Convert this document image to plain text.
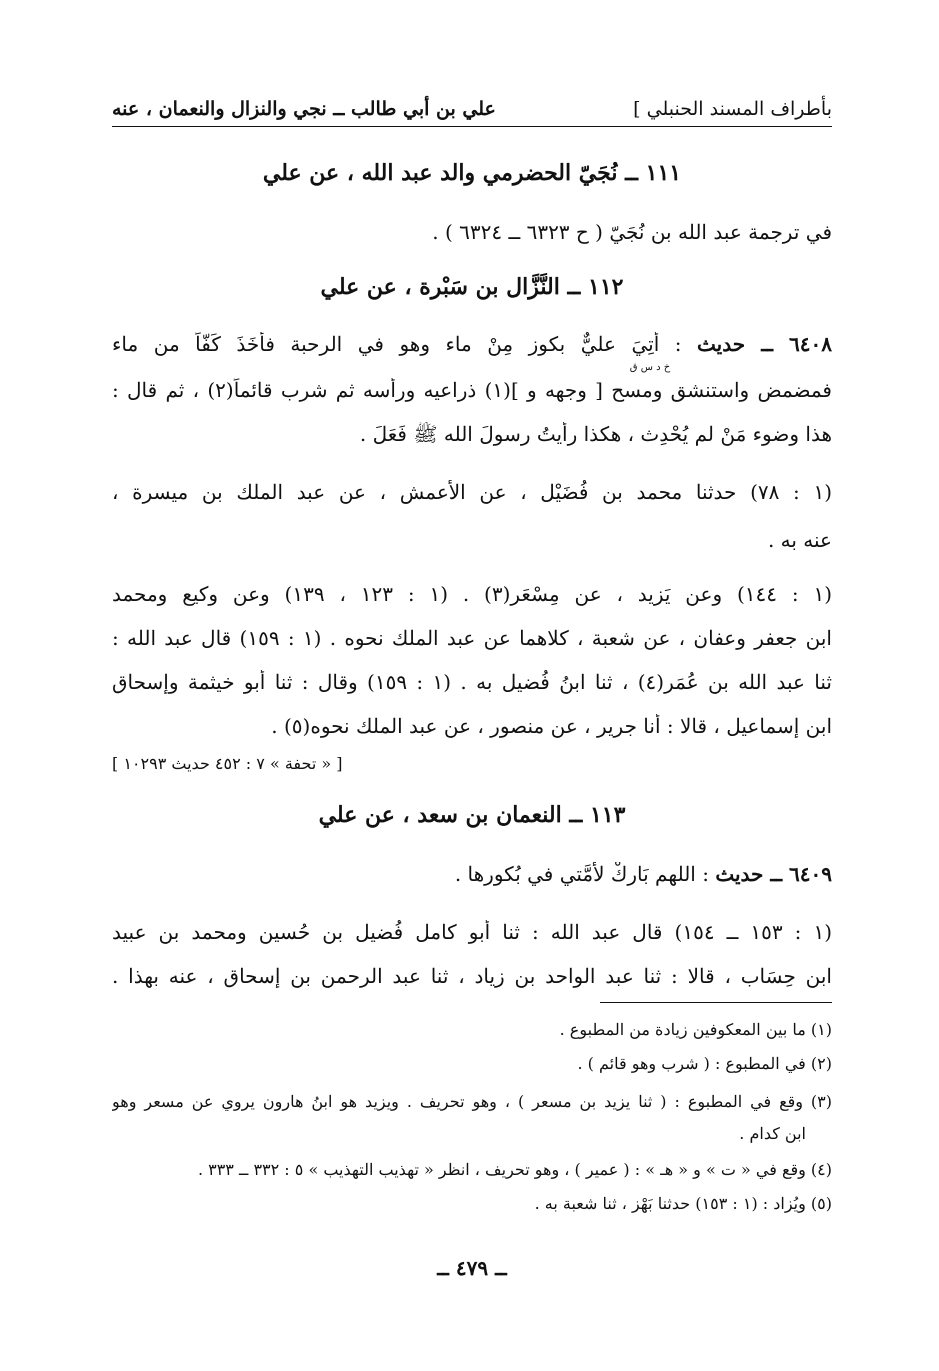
بأطراف المسند الحنبلي ]
علي بن أبي طالب ــ نجي والنزال والنعمان ، عنه
١١١ ــ نُجَيّ الحضرمي والد عبد الله ، عن علي
في ترجمة عبد الله بن نُجَيّ ( ح ٦٣٢٣ ــ ٦٣٢٤ ) .
١١٢ ــ النَّزَّال بن سَبْرة ، عن علي
٦٤٠٨ ــ حديث : أُتِيَ عليٌّ بكوزٍ مِنْ ماء وهو في الرحبة فأَخَذَ كَفّاً من ماء
خ د س ق
فمضمض واستنشق ومسح [ وجهه و ](١) ذراعيه ورأسه ثم شرب قائماً(٢) ، ثم قال :
هذا وضوء مَنْ لم يُحْدِث ، هكذا رأيتُ رسولَ الله ﷺ فَعَلَ .
(١ : ٧٨) حدثنا محمد بن فُضَيْل ، عن الأعمش ، عن عبد الملك بن ميسرة ،
عنه به .
(١ : ١٤٤) وعن يَزِيد ، عن مِسْعَر(٣) . (١ : ١٢٣ ، ١٣٩) وعن وكيع ومحمد
ابن جعفر وعفان ، عن شعبة ، كلاهما عن عبد الملك نحوه . (١ : ١٥٩) قال عبد الله :
ثنا عبد الله بن عُمَر(٤) ، ثنا ابنُ فُضيل به . (١ : ١٥٩) وقال : ثنا أبو خيثمة وإسحاق
ابن إسماعيل ، قالا : أنا جرير ، عن منصور ، عن عبد الملك نحوه(٥) .
[ « تحفة » ٧ : ٤٥٢ حديث ١٠٢٩٣ ]
١١٣ ــ النعمان بن سعد ، عن علي
٦٤٠٩ ــ حديث : اللهم بَارِكْ لأُمَّتي في بُكورها .
(١ : ١٥٣ ــ ١٥٤) قال عبد الله : ثنا أبو كامل فُضيل بن حُسين ومحمد بن عبيد
ابن حِسَاب ، قالا : ثنا عبد الواحد بن زياد ، ثنا عبد الرحمن بن إسحاق ، عنه بهذا .
(١) ما بين المعكوفين زيادة من المطبوع .
(٢) في المطبوع : ( شرب وهو قائم ) .
(٣) وقع في المطبوع : ( ثنا يزيد بن مسعر ) ، وهو تحريف . ويزيد هو ابنُ هارون يروي عن مسعر وهو
ابن كدام .
(٤) وقع في « ت » و « هـ » : ( عمير ) ، وهو تحريف ، انظر « تهذيب التهذيب » ٥ : ٣٣٢ ــ ٣٣٣ .
(٥) ويُزاد : (١ : ١٥٣) حدثنا بَهْز ، ثنا شعبة به .
ــ ٤٧٩ ــ
